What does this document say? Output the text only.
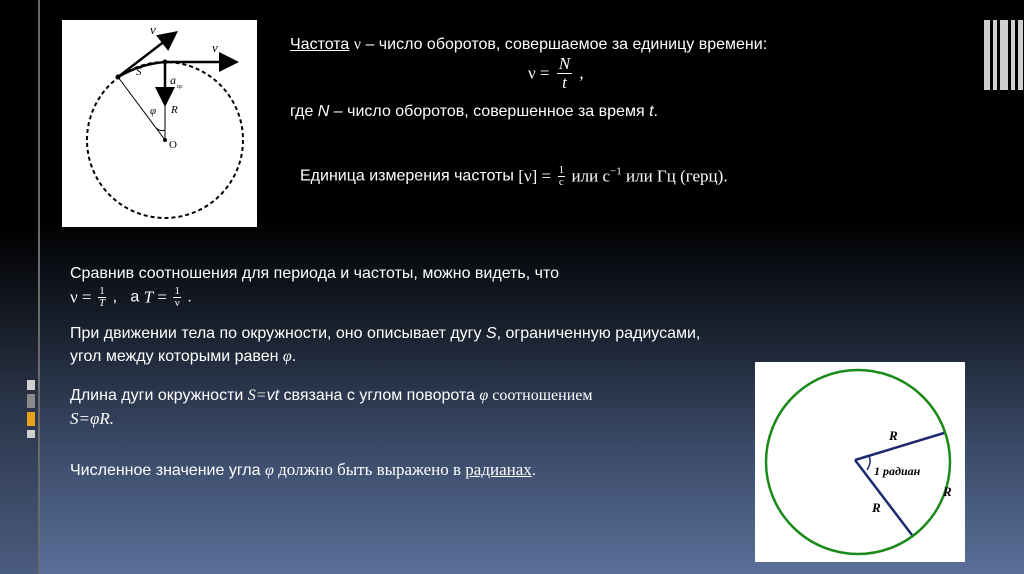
v
v
S
a цс
R
φ
O
Частота ν – число оборотов, совершаемое за единицу времени:
$\nu = \frac{N}{t}$ ,
где N – число оборотов, совершенное за время t.
Единица измерения частоты $[\nu] = \frac{1}{c}$ или $c^{-1}$ или Гц (герц).
Сравнив соотношения для периода и частоты, можно видеть, что
$\nu = \frac{1}{T}$ ,   а $T = \frac{1}{\nu}$ .
При движении тела по окружности, оно описывает дугу S, ограниченную радиусами,
угол между которыми равен φ.
Длина дуги окружности S=vt связана с углом поворота φ соотношением
S=φR.
Численное значение угла φ должно быть выражено в радианах.
R
R
R
1 радиан
